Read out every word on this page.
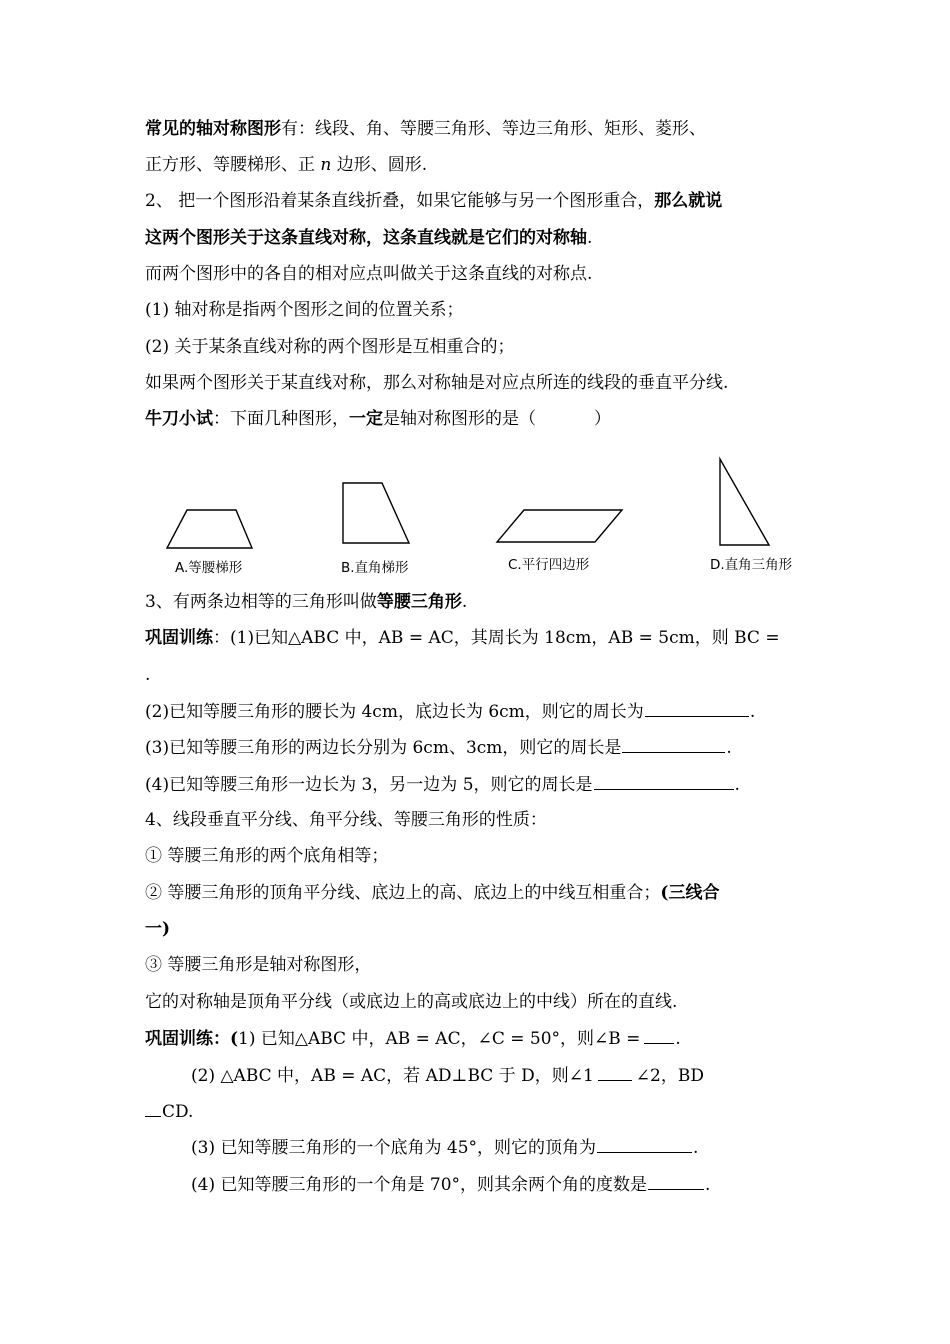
常见的轴对称图形有：线段、角、等腰三角形、等边三角形、矩形、菱形、
正方形、等腰梯形、正 n 边形、圆形.
2、 把一个图形沿着某条直线折叠，如果它能够与另一个图形重合，那么就说
这两个图形关于这条直线对称，这条直线就是它们的对称轴.
而两个图形中的各自的相对应点叫做关于这条直线的对称点.
(1) 轴对称是指两个图形之间的位置关系；
(2) 关于某条直线对称的两个图形是互相重合的；
如果两个图形关于某直线对称，那么对称轴是对应点所连的线段的垂直平分线.
牛刀小试：下面几种图形，一定是轴对称图形的是（	）
A.等腰梯形	B.直角梯形	C.平行四边形	D.直角三角形
3、有两条边相等的三角形叫做等腰三角形.
巩固训练：(1)已知△ABC 中，AB = AC，其周长为 18cm，AB = 5cm，则 BC =
.
(2)已知等腰三角形的腰长为 4cm，底边长为 6cm，则它的周长为	.
(3)已知等腰三角形的两边长分别为 6cm、3cm，则它的周长是	.
(4)已知等腰三角形一边长为 3，另一边为 5，则它的周长是	.
4、线段垂直平分线、角平分线、等腰三角形的性质：
① 等腰三角形的两个底角相等；
② 等腰三角形的顶角平分线、底边上的高、底边上的中线互相重合；(三线合
一)
③ 等腰三角形是轴对称图形，
它的对称轴是顶角平分线（或底边上的高或底边上的中线）所在的直线.
巩固训练：(1) 已知△ABC 中，AB = AC，∠C = 50°，则∠B = .
(2) △ABC 中，AB = AC，若 AD⊥BC 于 D，则∠1 ∠2，BD
CD.
(3) 已知等腰三角形的一个底角为 45°，则它的顶角为	.
(4) 已知等腰三角形的一个角是 70°，则其余两个角的度数是	.
